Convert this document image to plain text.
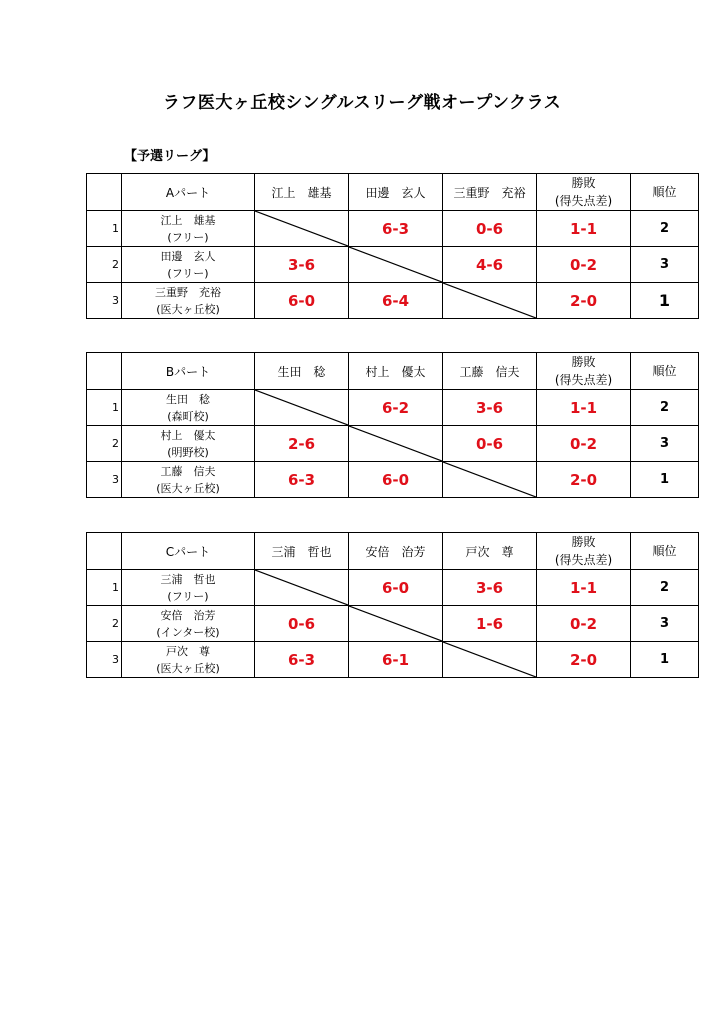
ラフ医大ヶ丘校シングルスリーグ戦オープンクラス
【予選リーグ】
	Aパート	江上　雄基	田邊　玄人	三重野　充裕	勝敗
(得失点差)	順位
1	江上　雄基
(フリー)		6-3	0-6	1-1	2
2	田邊　玄人
(フリー)	3-6		4-6	0-2	3
3	三重野　充裕
(医大ヶ丘校)	6-0	6-4		2-0	1
	Bパート	生田　稔	村上　優太	工藤　信夫	勝敗
(得失点差)	順位
1	生田　稔
(森町校)		6-2	3-6	1-1	2
2	村上　優太
(明野校)	2-6		0-6	0-2	3
3	工藤　信夫
(医大ヶ丘校)	6-3	6-0		2-0	1
	Cパート	三浦　哲也	安倍　治芳	戸次　尊	勝敗
(得失点差)	順位
1	三浦　哲也
(フリー)		6-0	3-6	1-1	2
2	安倍　治芳
(インター校)	0-6		1-6	0-2	3
3	戸次　尊
(医大ヶ丘校)	6-3	6-1		2-0	1
